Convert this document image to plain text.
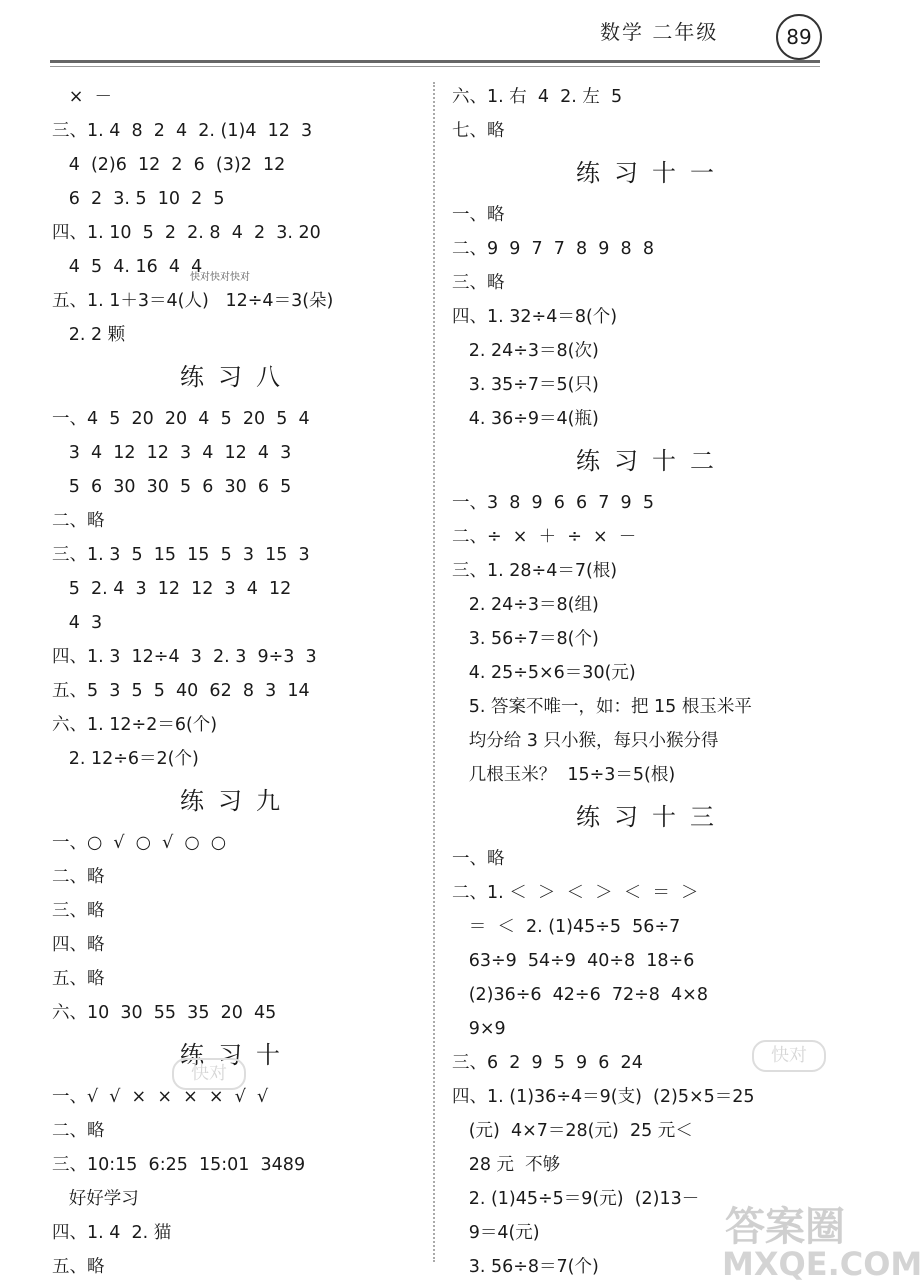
数学 二年级	89
×  －
三、1. 4  8  2  4  2. (1)4  12  3
4  (2)6  12  2  6  (3)2  12
6  2  3. 5  10  2  5
四、1. 10  5  2  2. 8  4  2  3. 20
4  5  4. 16  4  4
五、1. 1＋3＝4(人)   12÷4＝3(朵)
2. 2 颗
练习八
一、4  5  20  20  4  5  20  5  4
3  4  12  12  3  4  12  4  3
5  6  30  30  5  6  30  6  5
二、略
三、1. 3  5  15  15  5  3  15  3
5  2. 4  3  12  12  3  4  12
4  3
四、1. 3  12÷4  3  2. 3  9÷3  3
五、5  3  5  5  40  62  8  3  14
六、1. 12÷2＝6(个)
2. 12÷6＝2(个)
练习九
一、○  √  ○  √  ○  ○
二、略
三、略
四、略
五、略
六、10  30  55  35  20  45
练习十
一、√  √  ×  ×  ×  ×  √  √
二、略
三、10:15  6:25  15:01  3489
好好学习
四、1. 4  2. 猫
五、略
六、1. 右  4  2. 左  5
七、略
练习十一
一、略
二、9  9  7  7  8  9  8  8
三、略
四、1. 32÷4＝8(个)
2. 24÷3＝8(次)
3. 35÷7＝5(只)
4. 36÷9＝4(瓶)
练习十二
一、3  8  9  6  6  7  9  5
二、÷  ×  ＋  ÷  ×  －
三、1. 28÷4＝7(根)
2. 24÷3＝8(组)
3. 56÷7＝8(个)
4. 25÷5×6＝30(元)
5. 答案不唯一，如：把 15 根玉米平
均分给 3 只小猴，每只小猴分得
几根玉米？  15÷3＝5(根)
练习十三
一、略
二、1. ＜  ＞  ＜  ＞  ＜  ＝  ＞
＝  ＜  2. (1)45÷5  56÷7
63÷9  54÷9  40÷8  18÷6
(2)36÷6  42÷6  72÷8  4×8
9×9
三、6  2  9  5  9  6  24
四、1. (1)36÷4＝9(支)  (2)5×5＝25
(元)  4×7＝28(元)  25 元＜
28 元  不够
2. (1)45÷5＝9(元)  (2)13－
9＝4(元)
3. 56÷8＝7(个)
快对快对快对
快对
快对
答案圈
MXQE.COM
